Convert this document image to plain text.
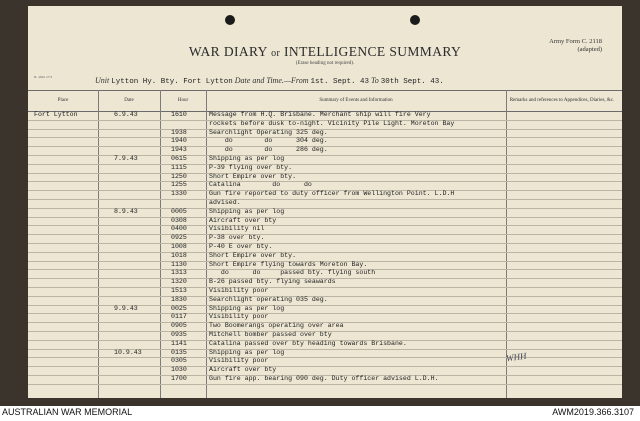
WAR DIARY or INTELLIGENCE SUMMARY
(Erase heading not required).
Army Form C. 2118
(adapted)
B. 4062 27/3	Unit Lytton Hy. Bty. Fort Lytton Date and Time.—From 1st. Sept. 43 To 30th Sept. 43.
Place	Date	Hour	Summary of Events and Information	Remarks and references to Appendices, Diaries, &c.
Fort Lytton	6.9.43	1610	Message from H.Q. Brisbane. Merchant ship will fire Very
rockets before dusk to-night. Vicinity Pile Light. Moreton Bay
1938	Searchlight Operating 325 deg.
1940	do        do      304 deg.
1943	do        do      286 deg.
7.9.43	0615	Shipping as per log
1115	P-39 flying over bty.
1250	Short Empire over bty.
1255	Catalina        do      do
1330	Gun fire reported to duty officer from Wellington Point. L.D.H
advised.
8.9.43	0005	Shipping as per log
0308	Aircraft over bty
0400	Visibility nil
0925	P-38 over bty.
1008	P-40 E over bty.
1018	Short Empire over bty.
1130	Short Empire flying towards Moreton Bay.
1313	do      do     passed bty. flying south
1320	B-26 passed bty. flying seawards
1513	Visibility poor
1830	Searchlight operating 035 deg.
9.9.43	0025	Shipping as per log
0117	Visibility poor
0905	Two Boomerangs operating over area
0935	Mitchell bomber passed over bty
1141	Catalina passed over bty heading towards Brisbane.
10.9.43	0135	Shipping as per log
0305	Visibility poor
1030	Aircraft over bty
1700	Gun fire app. bearing 090 deg. Duty officer advised L.D.H.
WHH
AUSTRALIAN WAR MEMORIAL	AWM2019.366.3107
